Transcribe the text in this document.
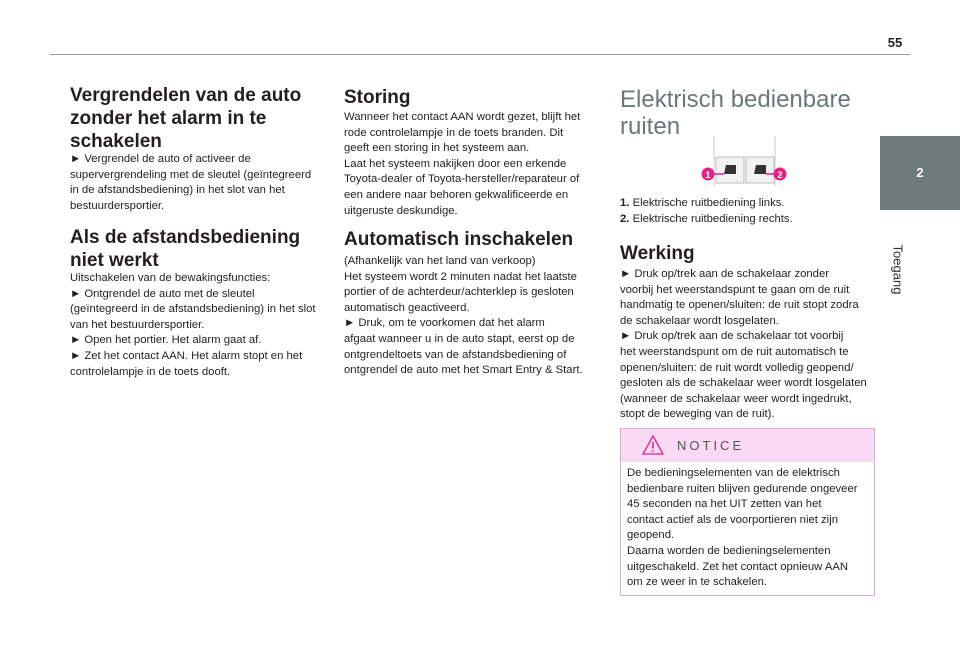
55
2
Toegang
Vergrendelen van de auto
zonder het alarm in te
schakelen

► Vergrendel de auto of activeer de
supervergrendeling met de sleutel (geïntegreerd
in de afstandsbediening) in het slot van het
bestuurdersportier.

Als de afstandsbediening
niet werkt

Uitschakelen van de bewakingsfuncties:
► Ontgrendel de auto met de sleutel
(geïntegreerd in de afstandsbediening) in het slot
van het bestuurdersportier.
► Open het portier. Het alarm gaat af.
► Zet het contact AAN. Het alarm stopt en het
controlelampje in de toets dooft.

Storing

Wanneer het contact AAN wordt gezet, blijft het
rode controlelampje in de toets branden. Dit
geeft een storing in het systeem aan.
Laat het systeem nakijken door een erkende
Toyota-dealer of Toyota-hersteller/reparateur of
een andere naar behoren gekwalificeerde en
uitgeruste deskundige.

Automatisch inschakelen

(Afhankelijk van het land van verkoop)
Het systeem wordt 2 minuten nadat het laatste
portier of de achterdeur/achterklep is gesloten
automatisch geactiveerd.
► Druk, om te voorkomen dat het alarm
afgaat wanneer u in de auto stapt, eerst op de
ontgrendeltoets van de afstandsbediening of
ontgrendel de auto met het Smart Entry & Start.

Elektrisch bedienbare
ruiten
1	2

1. Elektrische ruitbediening links.
2. Elektrische ruitbediening rechts.

Werking

► Druk op/trek aan de schakelaar zonder
voorbij het weerstandspunt te gaan om de ruit
handmatig te openen/sluiten: de ruit stopt zodra
de schakelaar wordt losgelaten.
► Druk op/trek aan de schakelaar tot voorbij
het weerstandspunt om de ruit automatisch te
openen/sluiten: de ruit wordt volledig geopend/
gesloten als de schakelaar weer wordt losgelaten
(wanneer de schakelaar weer wordt ingedrukt,
stopt de beweging van de ruit).

NOTICE

De bedieningselementen van de elektrisch
bedienbare ruiten blijven gedurende ongeveer
45 seconden na het UIT zetten van het
contact actief als de voorportieren niet zijn
geopend.
Daarna worden de bedieningselementen
uitgeschakeld. Zet het contact opnieuw AAN
om ze weer in te schakelen.
